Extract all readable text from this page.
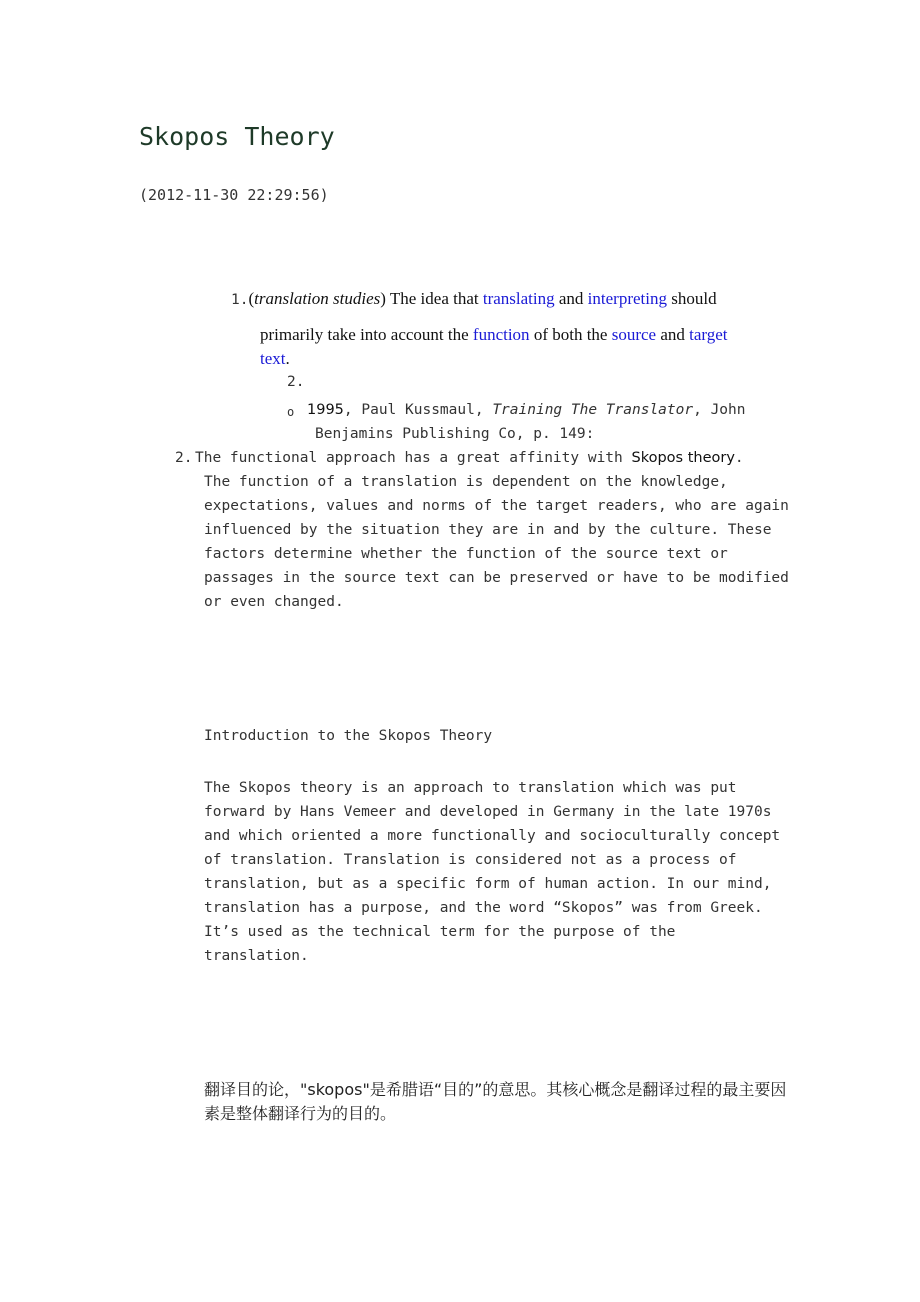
Skopos Theory
(2012-11-30 22:29:56)
1.(translation studies) The idea that translating and interpreting should
primarily take into account the function of both the source and target
text.
2.
o 1995, Paul Kussmaul, Training The Translator, John
Benjamins Publishing Co, p. 149:
2. The functional approach has a great affinity with Skopos theory.
The function of a translation is dependent on the knowledge, expectations, values and norms of the target readers, who are again influenced by the situation they are in and by the culture. These factors determine whether the function of the source text or passages in the source text can be preserved or have to be modified or even changed.
Introduction to the Skopos Theory
The Skopos theory is an approach to translation which was put forward by Hans Vemeer and developed in Germany in the late 1970s and which oriented a more functionally and socioculturally concept of translation. Translation is considered not as a process of translation, but as a specific form of human action. In our mind, translation has a purpose, and the word “Skopos” was from Greek. It’s used as the technical term for the purpose of the translation.
翻译目的论，"skopos"是希腊语“目的”的意思。其核心概念是翻译过程的最主要因素是整体翻译行为的目的。
